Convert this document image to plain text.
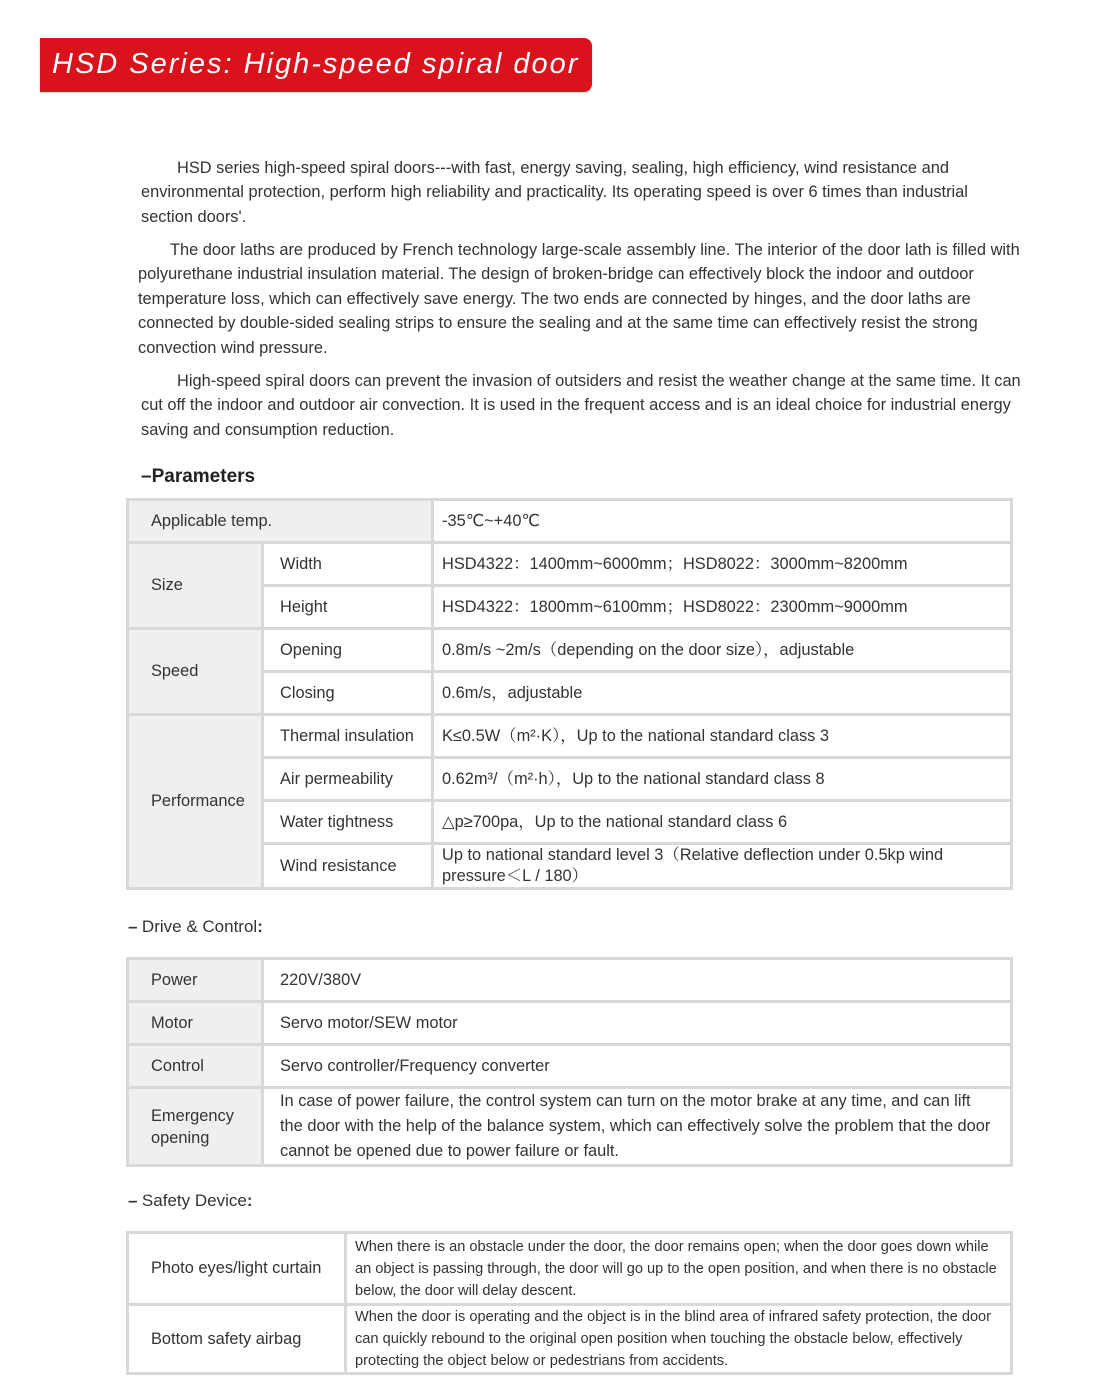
HSD Series: High-speed spiral door

HSD series high-speed spiral doors---with fast, energy saving, sealing, high efficiency, wind resistance and environmental protection, perform high reliability and practicality. Its operating speed is over 6 times than industrial section doors'.

The door laths are produced by French technology large-scale assembly line. The interior of the door lath is filled with polyurethane industrial insulation material. The design of broken-bridge can effectively block the indoor and outdoor temperature loss, which can effectively save energy. The two ends are connected by hinges, and the door laths are connected by double-sided sealing strips to ensure the sealing and at the same time can effectively resist the strong convection wind pressure.

High-speed spiral doors can prevent the invasion of outsiders and resist the weather change at the same time. It can cut off the indoor and outdoor air convection. It is used in the frequent access and is an ideal choice for industrial energy saving and consumption reduction.

–Parameters
Applicable temp.		-35℃~+40℃
Size	Width	HSD4322：1400mm~6000mm；HSD8022：3000mm~8200mm
	Height	HSD4322：1800mm~6100mm；HSD8022：2300mm~9000mm
Speed	Opening	0.8m/s ~2m/s（depending on the door size），adjustable
	Closing	0.6m/s，adjustable
Performance	Thermal insulation	K≤0.5W（m²·K），Up to the national standard class 3
	Air permeability	0.62m³/（m²·h），Up to the national standard class 8
	Water tightness	△p≥700pa，Up to the national standard class 6
	Wind resistance	Up to national standard level 3（Relative deflection under 0.5kp wind pressure＜L / 180）
– Drive & Control:
Power	220V/380V
Motor	Servo motor/SEW motor
Control	Servo controller/Frequency converter
Emergency opening	In case of power failure, the control system can turn on the motor brake at any time, and can lift the door with the help of the balance system, which can effectively solve the problem that the door cannot be opened due to power failure or fault.
– Safety Device:
Photo eyes/light curtain	When there is an obstacle under the door, the door remains open; when the door goes down while an object is passing through, the door will go up to the open position, and when there is no obstacle below, the door will delay descent.
Bottom safety airbag	When the door is operating and the object is in the blind area of infrared safety protection, the door can quickly rebound to the original open position when touching the obstacle below, effectively protecting the object below or pedestrians from accidents.
